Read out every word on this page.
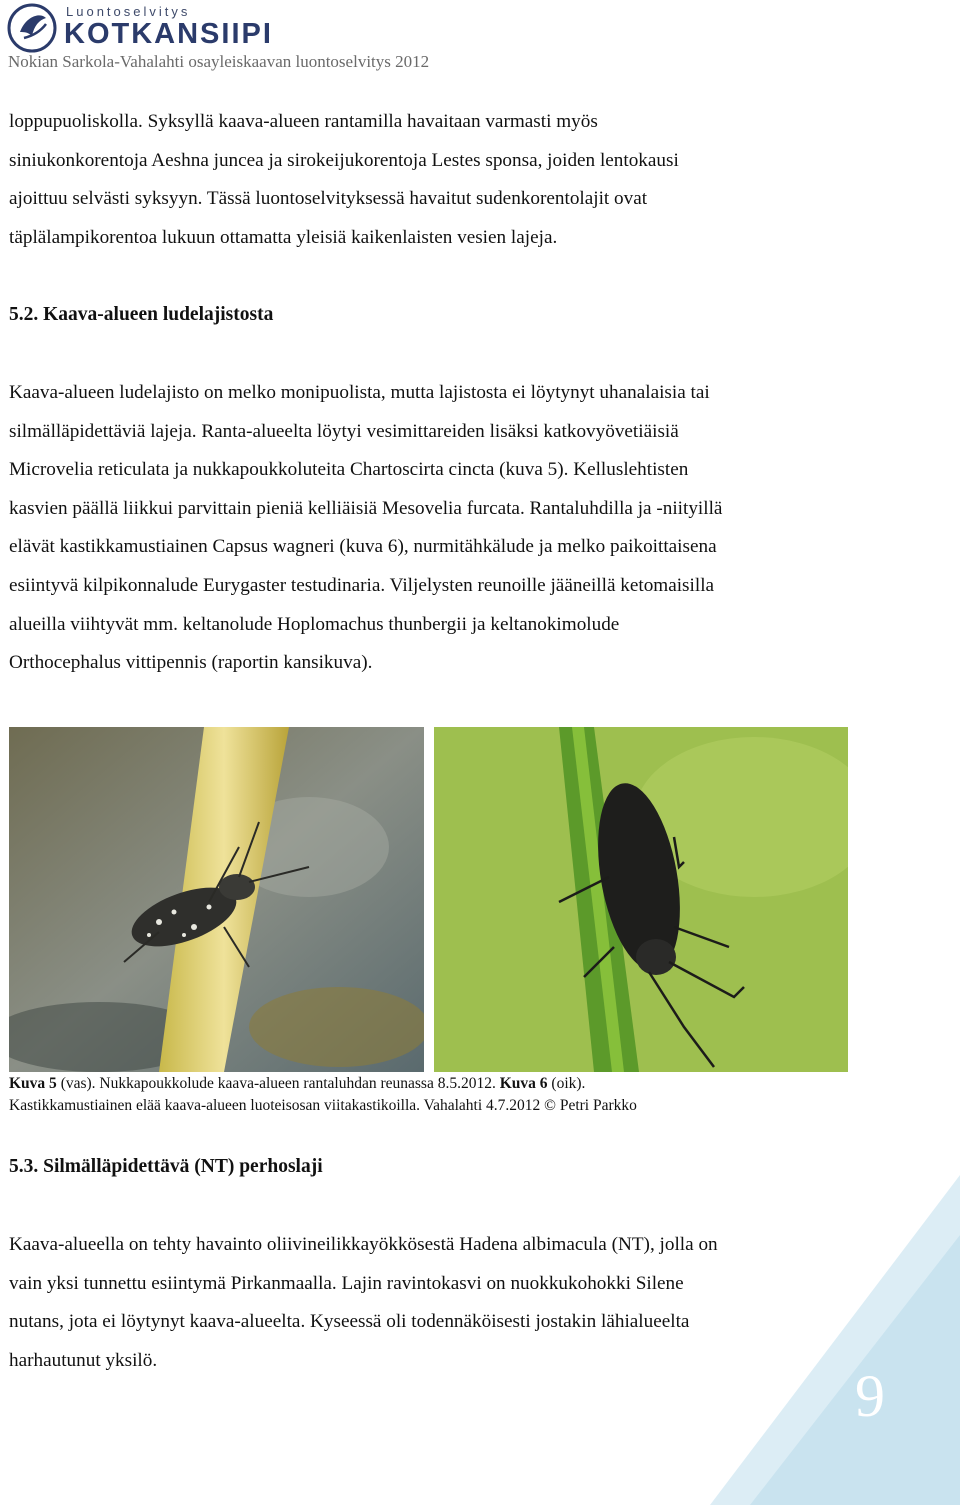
Luontoselvitys
KOTKANSIIPI
Nokian Sarkola-Vahalahti osayleiskaavan luontoselvitys 2012

loppupuoliskolla. Syksyllä kaava-alueen rantamilla havaitaan varmasti myös
siniukonkorentoja Aeshna juncea ja sirokeijukorentoja Lestes sponsa, joiden lentokausi
ajoittuu selvästi syksyyn. Tässä luontoselvityksessä havaitut sudenkorentolajit ovat
täplälampikorentoa lukuun ottamatta yleisiä kaikenlaisten vesien lajeja.

5.2. Kaava-alueen ludelajistosta

Kaava-alueen ludelajisto on melko monipuolista, mutta lajistosta ei löytynyt uhanalaisia tai
silmälläpidettäviä lajeja. Ranta-alueelta löytyi vesimittareiden lisäksi katkovyövetiäisiä
Microvelia reticulata ja nukkapoukkoluteita Chartoscirta cincta (kuva 5). Kelluslehtisten
kasvien päällä liikkui parvittain pieniä kelliäisiä Mesovelia furcata. Rantaluhdilla ja -niityillä
elävät kastikkamustiainen Capsus wagneri (kuva 6), nurmitähkälude ja melko paikoittaisena
esiintyvä kilpikonnalude Eurygaster testudinaria. Viljelysten reunoille jääneillä ketomaisilla
alueilla viihtyvät mm. keltanolude Hoplomachus thunbergii ja keltanokimolude
Orthocephalus vittipennis (raportin kansikuva).

Kuva 5 (vas). Nukkapoukkolude kaava-alueen rantaluhdan reunassa 8.5.2012. Kuva 6 (oik).
Kastikkamustiainen elää kaava-alueen luoteisosan viitakastikoilla. Vahalahti 4.7.2012 © Petri Parkko
5.3. Silmälläpidettävä (NT) perhoslaji

Kaava-alueella on tehty havainto oliivineilikkayökkösestä Hadena albimacula (NT), jolla on
vain yksi tunnettu esiintymä Pirkanmaalla. Lajin ravintokasvi on nuokkukohokki Silene
nutans, jota ei löytynyt kaava-alueelta. Kyseessä oli todennäköisesti jostakin lähialueelta
harhautunut yksilö.

9
